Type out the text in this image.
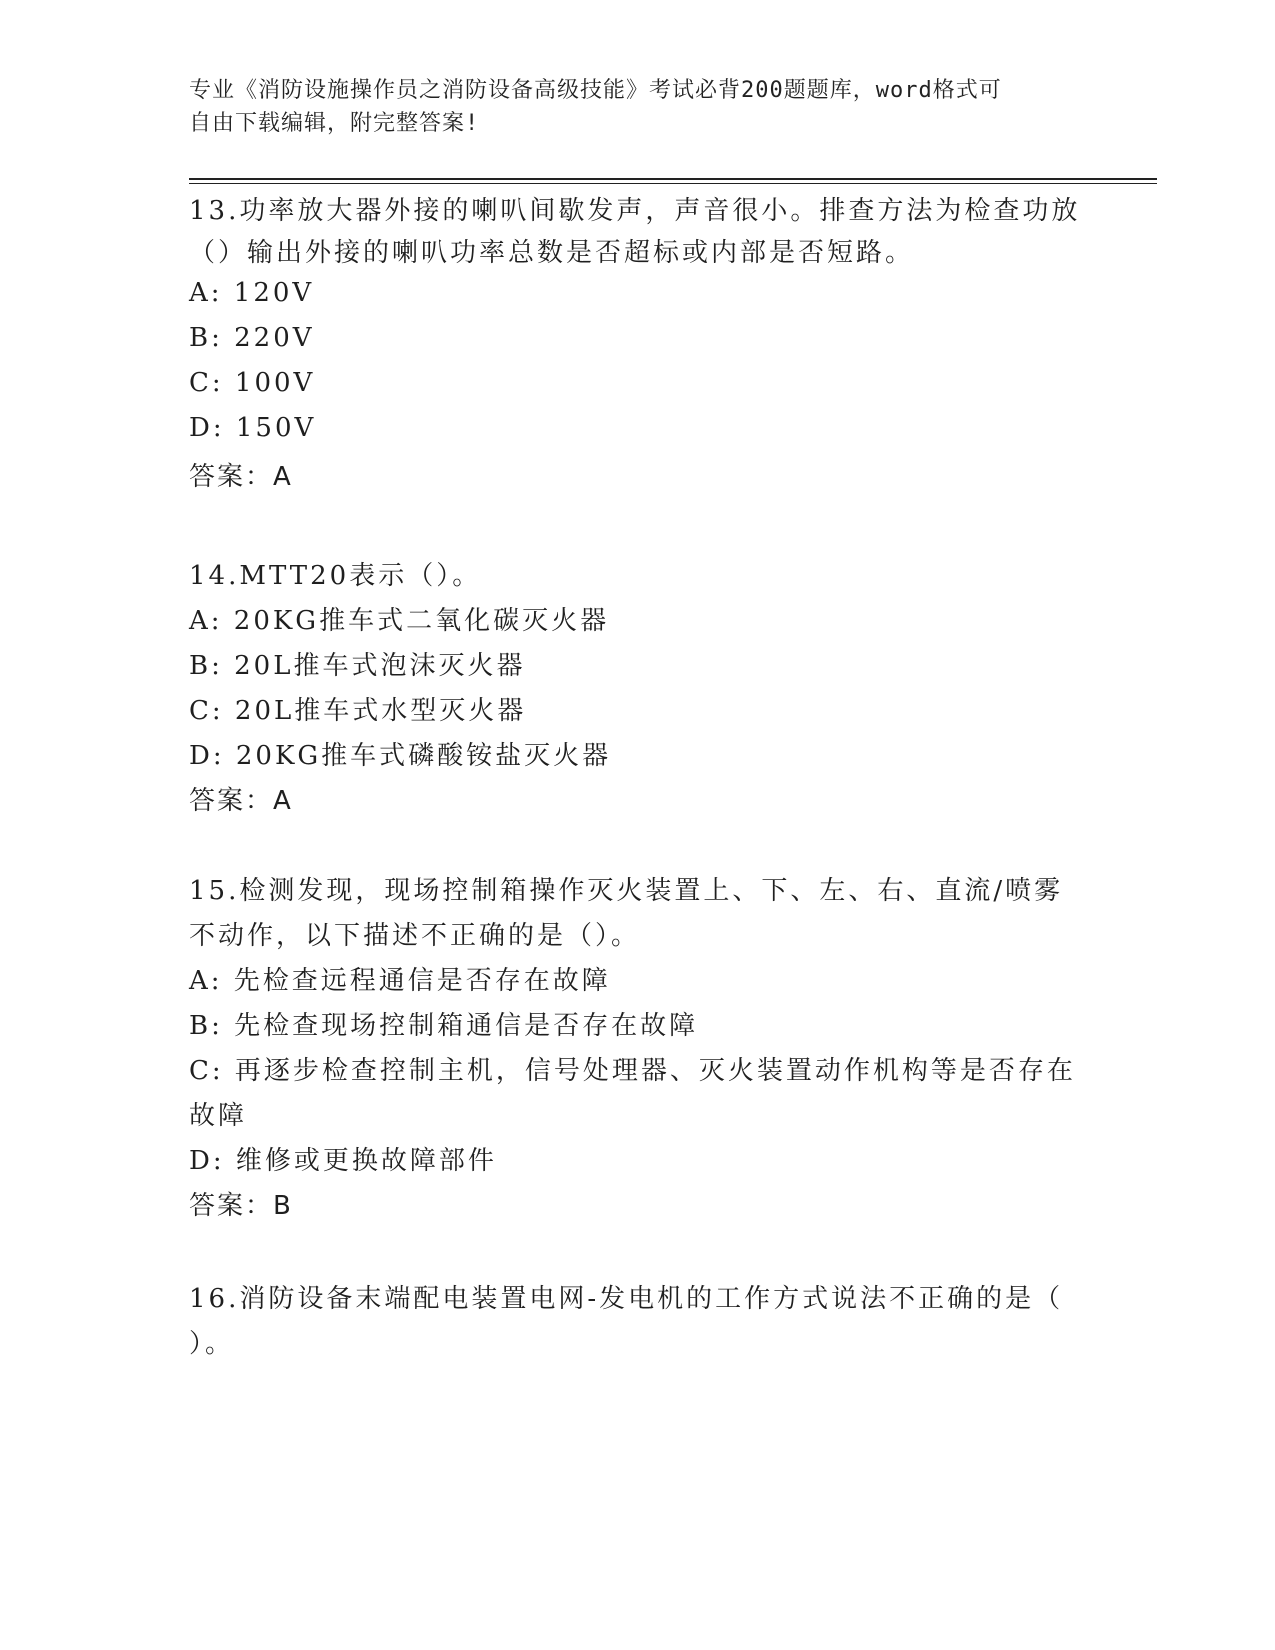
专业《消防设施操作员之消防设备高级技能》考试必背200题题库，word格式可
自由下载编辑，附完整答案!
13.功率放大器外接的喇叭间歇发声，声音很小。排查方法为检查功放
（）输出外接的喇叭功率总数是否超标或内部是否短路。
A: 120V
B: 220V
C: 100V
D: 150V
答案：A
14.MTT20表示（）。
A: 20KG推车式二氧化碳灭火器
B: 20L推车式泡沫灭火器
C: 20L推车式水型灭火器
D: 20KG推车式磷酸铵盐灭火器
答案：A
15.检测发现，现场控制箱操作灭火装置上、下、左、右、直流/喷雾
不动作，以下描述不正确的是（）。
A: 先检查远程通信是否存在故障
B: 先检查现场控制箱通信是否存在故障
C: 再逐步检查控制主机，信号处理器、灭火装置动作机构等是否存在
故障
D: 维修或更换故障部件
答案：B
16.消防设备末端配电装置电网-发电机的工作方式说法不正确的是（
）。
